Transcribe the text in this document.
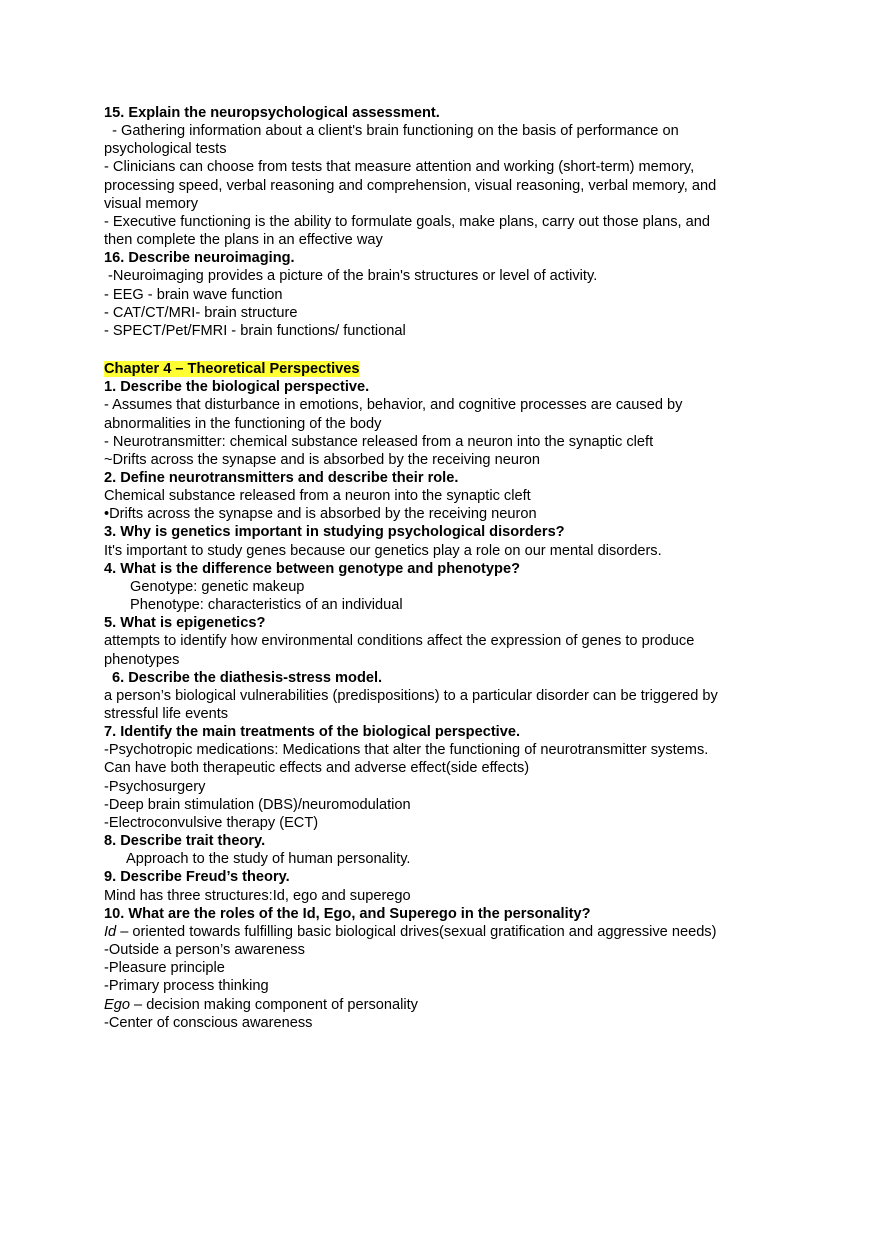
15. Explain the neuropsychological assessment.
- Gathering information about a client's brain functioning on the basis of performance on
psychological tests
- Clinicians can choose from tests that measure attention and working (short-term) memory,
processing speed, verbal reasoning and comprehension, visual reasoning, verbal memory, and
visual memory
- Executive functioning is the ability to formulate goals, make plans, carry out those plans, and
then complete the plans in an effective way
16. Describe neuroimaging.
-Neuroimaging provides a picture of the brain's structures or level of activity.
- EEG - brain wave function
- CAT/CT/MRI- brain structure
- SPECT/Pet/FMRI - brain functions/ functional
Chapter 4 – Theoretical Perspectives
1. Describe the biological perspective.
- Assumes that disturbance in emotions, behavior, and cognitive processes are caused by
abnormalities in the functioning of the body
- Neurotransmitter: chemical substance released from a neuron into the synaptic cleft
~Drifts across the synapse and is absorbed by the receiving neuron
2. Define neurotransmitters and describe their role.
Chemical substance released from a neuron into the synaptic cleft
•Drifts across the synapse and is absorbed by the receiving neuron
3. Why is genetics important in studying psychological disorders?
It's important to study genes because our genetics play a role on our mental disorders.
4. What is the difference between genotype and phenotype?
Genotype: genetic makeup
Phenotype: characteristics of an individual
5. What is epigenetics?
attempts to identify how environmental conditions affect the expression of genes to produce
phenotypes
6. Describe the diathesis-stress model.
a person’s biological vulnerabilities (predispositions) to a particular disorder can be triggered by
stressful life events
7. Identify the main treatments of the biological perspective.
-Psychotropic medications: Medications that alter the functioning of neurotransmitter systems.
Can have both therapeutic effects and adverse effect(side effects)
-Psychosurgery
-Deep brain stimulation (DBS)/neuromodulation
-Electroconvulsive therapy (ECT)
8. Describe trait theory.
Approach to the study of human personality.
9. Describe Freud’s theory.
Mind has three structures:Id, ego and superego
10. What are the roles of the Id, Ego, and Superego in the personality?
Id – oriented towards fulfilling basic biological drives(sexual gratification and aggressive needs)
-Outside a person’s awareness
-Pleasure principle
-Primary process thinking
Ego – decision making component of personality
-Center of conscious awareness
